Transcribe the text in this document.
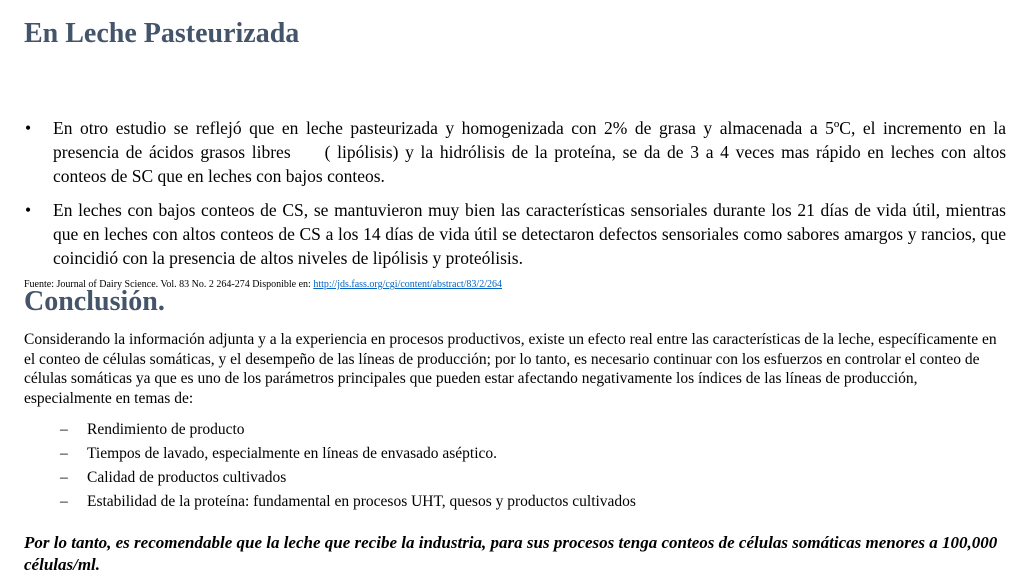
En Leche Pasteurizada
• En otro estudio se reflejó que en leche pasteurizada y homogenizada con 2% de grasa y almacenada a 5ºC, el incremento en la presencia de ácidos grasos libres ( lipólisis) y la hidrólisis de la proteína, se da de 3 a 4 veces mas rápido en leches con altos conteos de SC que en leches con bajos conteos.
• En leches con bajos conteos de CS, se mantuvieron muy bien las características sensoriales durante los 21 días de vida útil, mientras que en leches con altos conteos de CS a los 14 días de vida útil se detectaron defectos sensoriales como sabores amargos y rancios, que coincidió con la presencia de altos niveles de lipólisis y proteólisis.
Fuente: Journal of Dairy Science. Vol. 83 No. 2 264-274 Disponible en: http://jds.fass.org/cgi/content/abstract/83/2/264
Conclusión.

Considerando la información adjunta y a la experiencia en procesos productivos, existe un efecto real entre las características de la leche, específicamente en el conteo de células somáticas, y el desempeño de las líneas de producción; por lo tanto, es necesario continuar con los esfuerzos en controlar el conteo de células somáticas ya que es uno de los parámetros principales que pueden estar afectando negativamente los índices de las líneas de producción, especialmente en temas de:

– Rendimiento de producto
– Tiempos de lavado, especialmente en líneas de envasado aséptico.
– Calidad de productos cultivados
– Estabilidad de la proteína: fundamental en procesos UHT, quesos y productos cultivados

Por lo tanto, es recomendable que la leche que recibe la industria, para sus procesos tenga conteos de células somáticas menores a 100,000 células/ml.
